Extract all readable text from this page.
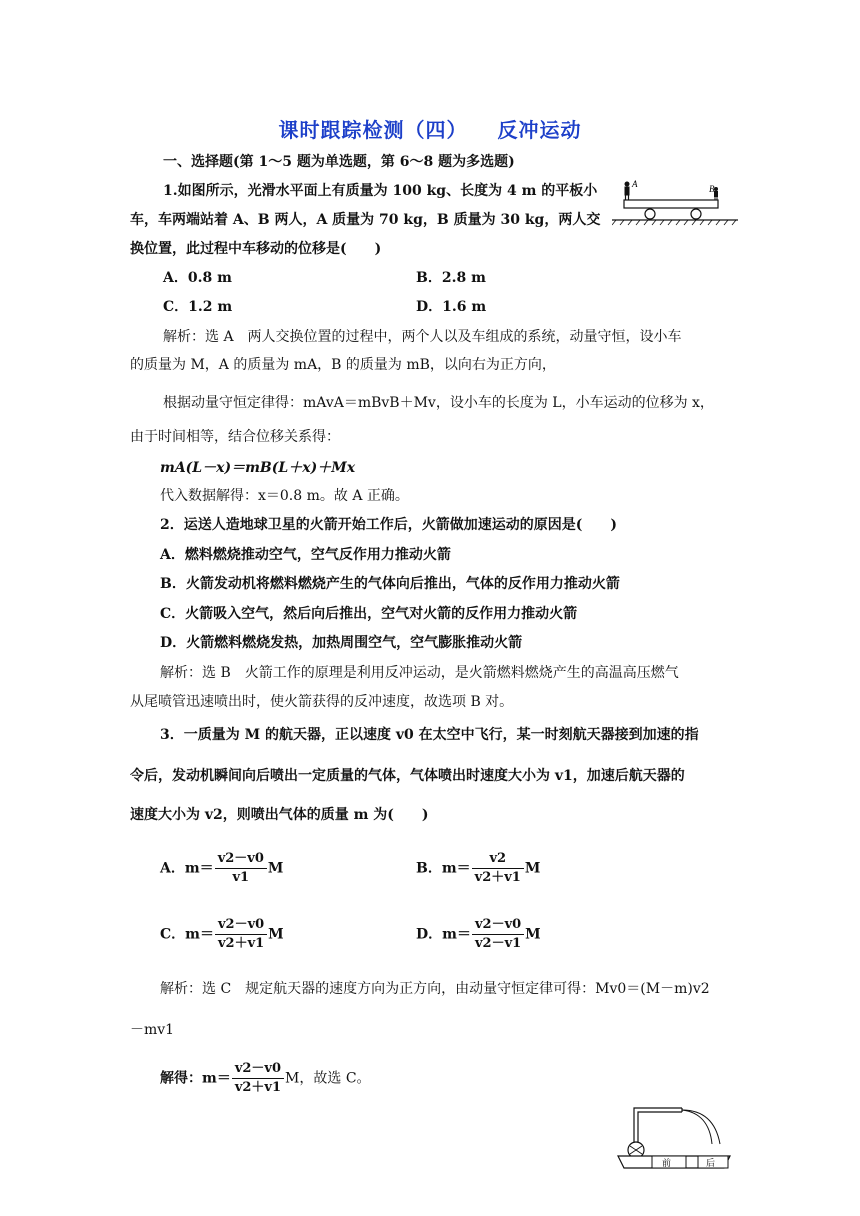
课时跟踪检测（四） 反冲运动
一、选择题(第 1～5 题为单选题，第 6～8 题为多选题)
1.如图所示，光滑水平面上有质量为 100 kg、长度为 4 m 的平板小
车，车两端站着 A、B 两人，A 质量为 70 kg，B 质量为 30 kg，两人交
换位置，此过程中车移动的位移是(　　)
A	B
A．0.8 m	B．2.8 m
C．1.2 m	D．1.6 m
解析：选 A　两人交换位置的过程中，两个人以及车组成的系统，动量守恒，设小车
的质量为 M，A 的质量为 mA，B 的质量为 mB，以向右为正方向，
根据动量守恒定律得：mAvA＝mBvB＋Mv，设小车的长度为 L，小车运动的位移为 x，
由于时间相等，结合位移关系得：
mA(L－x)＝mB(L＋x)＋Mx
代入数据解得：x＝0.8 m。故 A 正确。
2．运送人造地球卫星的火箭开始工作后，火箭做加速运动的原因是(　　)
A．燃料燃烧推动空气，空气反作用力推动火箭
B．火箭发动机将燃料燃烧产生的气体向后推出，气体的反作用力推动火箭
C．火箭吸入空气，然后向后推出，空气对火箭的反作用力推动火箭
D．火箭燃料燃烧发热，加热周围空气，空气膨胀推动火箭
解析：选 B　火箭工作的原理是利用反冲运动，是火箭燃料燃烧产生的高温高压燃气
从尾喷管迅速喷出时，使火箭获得的反冲速度，故选项 B 对。
3．一质量为 M 的航天器，正以速度 v0 在太空中飞行，某一时刻航天器接到加速的指
令后，发动机瞬间向后喷出一定质量的气体，气体喷出时速度大小为 v1，加速后航天器的
速度大小为 v2，则喷出气体的质量 m 为(　　)
A．$m= \frac{v2-v0}{v1}$ M	B．$m= \frac{v2}{v2+v1}$ M
C．$m= \frac{v2-v0}{v2+v1}$ M	D．$m= \frac{v2-v0}{v2-v1}$ M
解析：选 C　规定航天器的速度方向为正方向，由动量守恒定律可得：Mv0＝(M－m)v2
－mv1
解得：$m= \frac{v2-v0}{v2+v1}$ M，故选 C。
前	后
